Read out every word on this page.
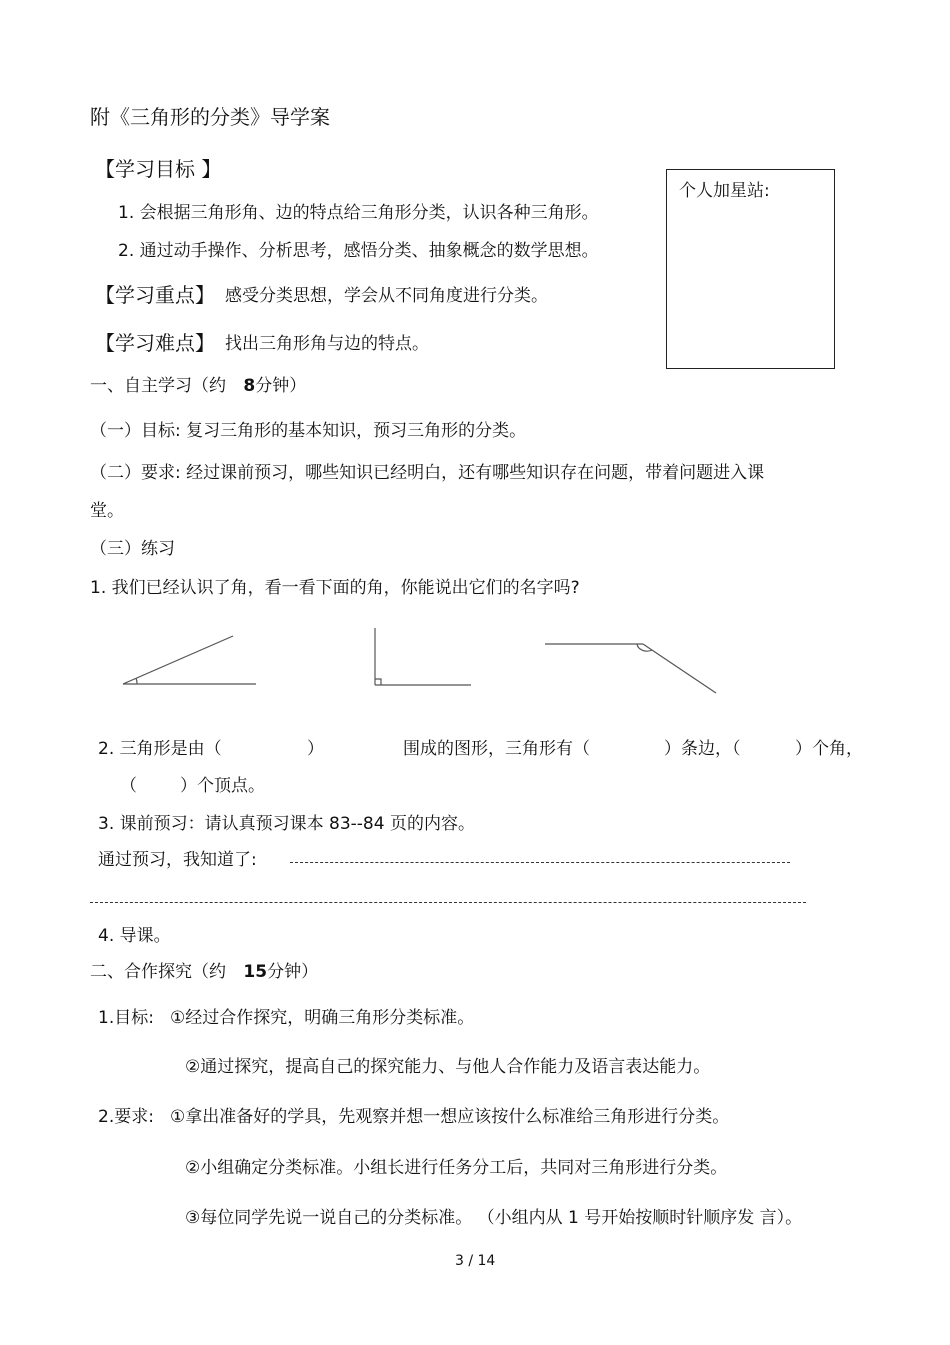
附《三角形的分类》导学案
【学习目标 】
1. 会根据三角形角、边的特点给三角形分类，认识各种三角形。
2. 通过动手操作、分析思考，感悟分类、抽象概念的数学思想。
个人加星站:
【学习重点】 感受分类思想，学会从不同角度进行分类。
【学习难点】 找出三角形角与边的特点。
一、自主学习（约 8分钟）
（一）目标: 复习三角形的基本知识，预习三角形的分类。
（二）要求: 经过课前预习，哪些知识已经明白，还有哪些知识存在问题，带着问题进入课
堂。
（三）练习
1. 我们已经认识了角，看一看下面的角，你能说出它们的名字吗?
2. 三角形是由（	）	围成的图形，三角形有（	）条边，（	）个角，
（	）个顶点。
3. 课前预习：请认真预习课本 83--84 页的内容。
通过预习，我知道了:
4. 导课。
二、合作探究（约 15分钟）
1.目标: ①经过合作探究，明确三角形分类标准。
②通过探究，提高自己的探究能力、与他人合作能力及语言表达能力。
2.要求: ①拿出准备好的学具，先观察并想一想应该按什么标准给三角形进行分类。
②小组确定分类标准。小组长进行任务分工后，共同对三角形进行分类。
③每位同学先说一说自己的分类标准。 （小组内从 1 号开始按顺时针顺序发 言）。
3 / 14
